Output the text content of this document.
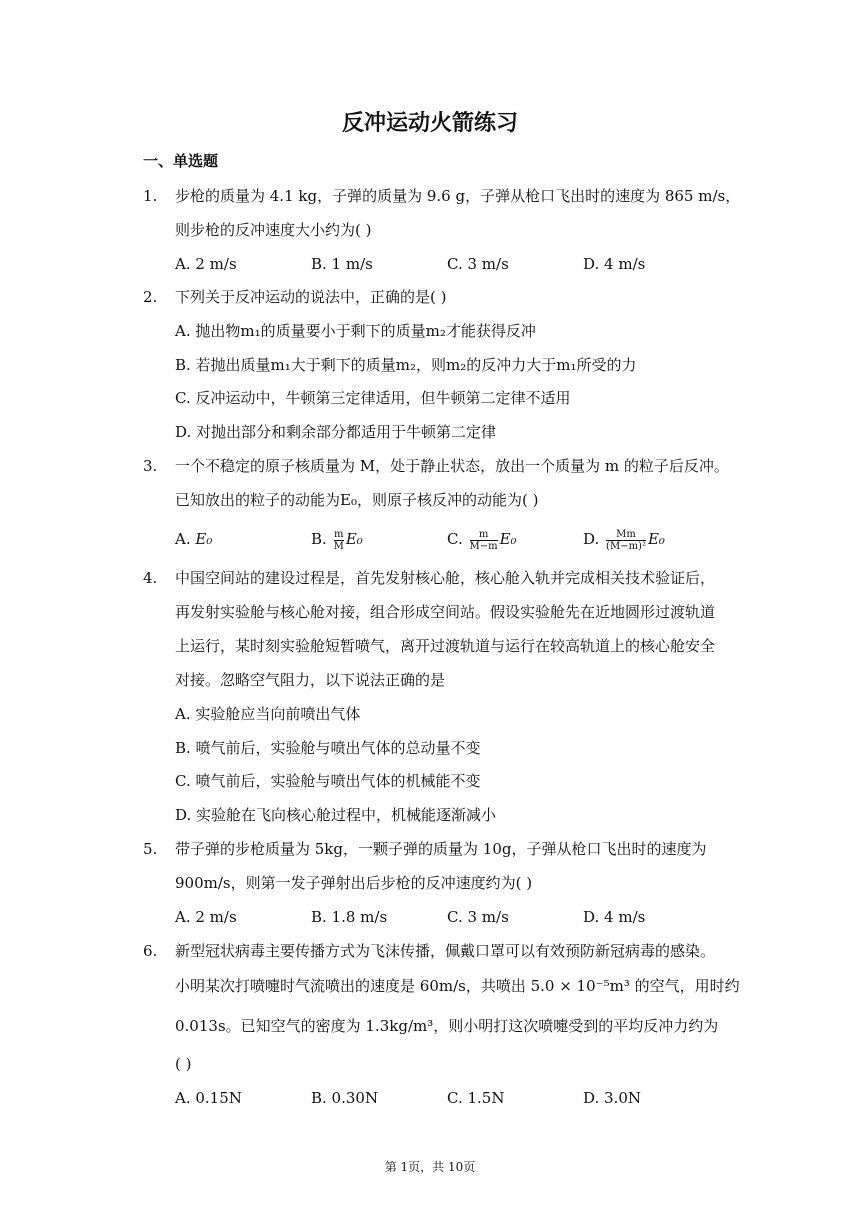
反冲运动火箭练习
一、单选题
1.	步枪的质量为 4.1 kg，子弹的质量为 9.6 g，子弹从枪口飞出时的速度为 865 m/s，
则步枪的反冲速度大小约为( )
A. 2 m/s	B. 1 m/s	C. 3 m/s	D. 4 m/s
2.	下列关于反冲运动的说法中，正确的是( )
A. 抛出物m₁的质量要小于剩下的质量m₂才能获得反冲
B. 若抛出质量m₁大于剩下的质量m₂，则m₂的反冲力大于m₁所受的力
C. 反冲运动中，牛顿第三定律适用，但牛顿第二定律不适用
D. 对抛出部分和剩余部分都适用于牛顿第二定律
3.	一个不稳定的原子核质量为 M，处于静止状态，放出一个质量为 m 的粒子后反冲。
已知放出的粒子的动能为E₀，则原子核反冲的动能为( )
A. E₀	B. $\frac{m}{M} E_0$	C. $\frac{m}{M-m} E_0$	D. $\frac{Mm}{\text{(M−m)²}} E_0$
4.	中国空间站的建设过程是，首先发射核心舱，核心舱入轨并完成相关技术验证后，
再发射实验舱与核心舱对接，组合形成空间站。假设实验舱先在近地圆形过渡轨道
上运行，某时刻实验舱短暂喷气，离开过渡轨道与运行在较高轨道上的核心舱安全
对接。忽略空气阻力，以下说法正确的是
A. 实验舱应当向前喷出气体
B. 喷气前后，实验舱与喷出气体的总动量不变
C. 喷气前后，实验舱与喷出气体的机械能不变
D. 实验舱在飞向核心舱过程中，机械能逐渐减小
5.	带子弹的步枪质量为 5kg，一颗子弹的质量为 10g，子弹从枪口飞出时的速度为
900m/s，则第一发子弹射出后步枪的反冲速度约为( )
A. 2 m/s	B. 1.8 m/s	C. 3 m/s	D. 4 m/s
6.	新型冠状病毒主要传播方式为飞沫传播，佩戴口罩可以有效预防新冠病毒的感染。
小明某次打喷嚏时气流喷出的速度是 60m/s，共喷出 5.0 × 10⁻⁵m³ 的空气，用时约
0.013s。已知空气的密度为 1.3kg/m³，则小明打这次喷嚏受到的平均反冲力约为
( )
A. 0.15N	B. 0.30N	C. 1.5N	D. 3.0N
第 1页，共 10页
